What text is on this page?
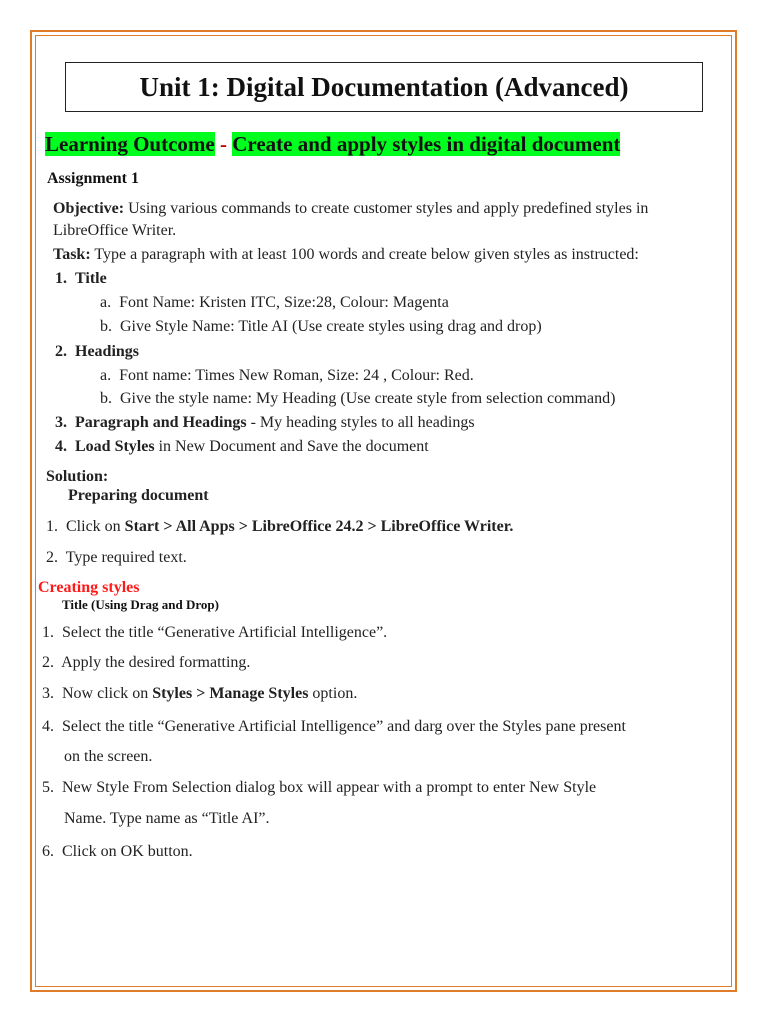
Unit 1: Digital Documentation (Advanced)
Learning Outcome - Create and apply styles in digital document
Assignment 1
Objective: Using various commands to create customer styles and apply predefined styles in
LibreOffice Writer.
Task: Type a paragraph with at least 100 words and create below given styles as instructed:
1. Title
a. Font Name: Kristen ITC, Size:28, Colour: Magenta
b. Give Style Name: Title AI (Use create styles using drag and drop)
2. Headings
a. Font name: Times New Roman, Size: 24 , Colour: Red.
b. Give the style name: My Heading (Use create style from selection command)
3. Paragraph and Headings - My heading styles to all headings
4. Load Styles in New Document and Save the document
Solution:
Preparing document
1. Click on Start > All Apps > LibreOffice 24.2 > LibreOffice Writer.
2. Type required text.
Creating styles
Title (Using Drag and Drop)
1. Select the title “Generative Artificial Intelligence”.
2. Apply the desired formatting.
3. Now click on Styles > Manage Styles option.
4. Select the title “Generative Artificial Intelligence” and darg over the Styles pane present
on the screen.
5. New Style From Selection dialog box will appear with a prompt to enter New Style
Name. Type name as “Title AI”.
6. Click on OK button.
